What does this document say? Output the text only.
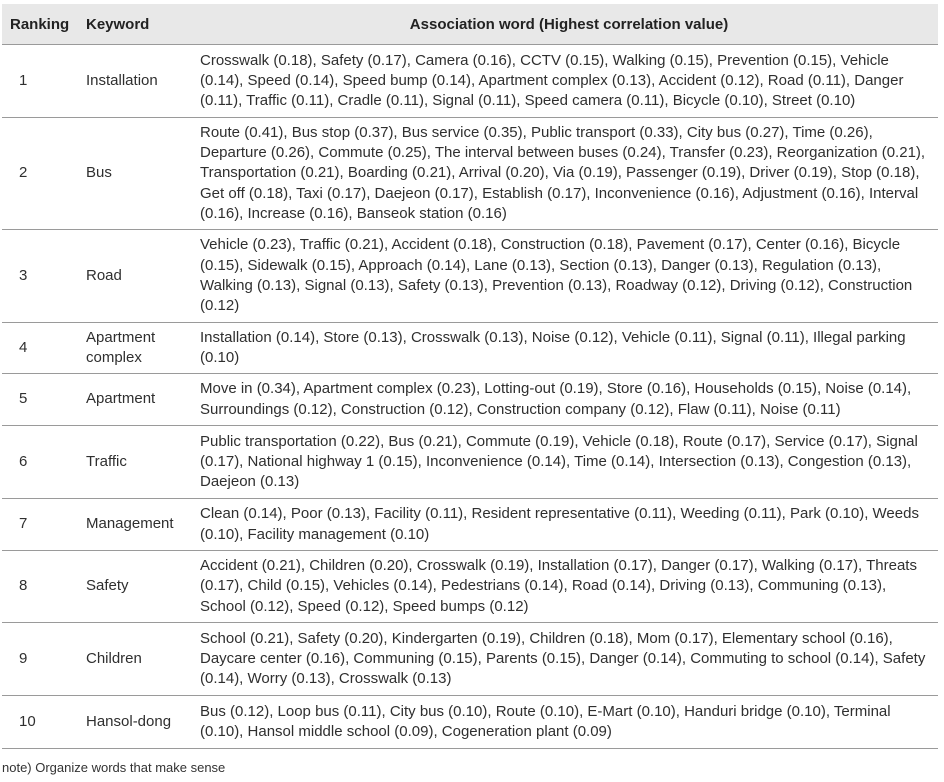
Ranking	Keyword	Association word (Highest correlation value)
1	Installation	Crosswalk (0.18), Safety (0.17), Camera (0.16), CCTV (0.15), Walking (0.15), Prevention (0.15), Vehicle (0.14), Speed (0.14), Speed bump (0.14), Apartment complex (0.13), Accident (0.12), Road (0.11), Danger (0.11), Traffic (0.11), Cradle (0.11), Signal (0.11), Speed camera (0.11), Bicycle (0.10), Street (0.10)
2	Bus	Route (0.41), Bus stop (0.37), Bus service (0.35), Public transport (0.33), City bus (0.27), Time (0.26), Departure (0.26), Commute (0.25), The interval between buses (0.24), Transfer (0.23), Reorganization (0.21), Transportation (0.21), Boarding (0.21), Arrival (0.20), Via (0.19), Passenger (0.19), Driver (0.19), Stop (0.18), Get off (0.18), Taxi (0.17), Daejeon (0.17), Establish (0.17), Inconvenience (0.16), Adjustment (0.16), Interval (0.16), Increase (0.16), Banseok station (0.16)
3	Road	Vehicle (0.23), Traffic (0.21), Accident (0.18), Construction (0.18), Pavement (0.17), Center (0.16), Bicycle (0.15), Sidewalk (0.15), Approach (0.14), Lane (0.13), Section (0.13), Danger (0.13), Regulation (0.13), Walking (0.13), Signal (0.13), Safety (0.13), Prevention (0.13), Roadway (0.12), Driving (0.12), Construction (0.12)
4	Apartment complex	Installation (0.14), Store (0.13), Crosswalk (0.13), Noise (0.12), Vehicle (0.11), Signal (0.11), Illegal parking (0.10)
5	Apartment	Move in (0.34), Apartment complex (0.23), Lotting-out (0.19), Store (0.16), Households (0.15), Noise (0.14), Surroundings (0.12), Construction (0.12), Construction company (0.12), Flaw (0.11), Noise (0.11)
6	Traffic	Public transportation (0.22), Bus (0.21), Commute (0.19), Vehicle (0.18), Route (0.17), Service (0.17), Signal (0.17), National highway 1 (0.15), Inconvenience (0.14), Time (0.14), Intersection (0.13), Congestion (0.13), Daejeon (0.13)
7	Management	Clean (0.14), Poor (0.13), Facility (0.11), Resident representative (0.11), Weeding (0.11), Park (0.10), Weeds (0.10), Facility management (0.10)
8	Safety	Accident (0.21), Children (0.20), Crosswalk (0.19), Installation (0.17), Danger (0.17), Walking (0.17), Threats (0.17), Child (0.15), Vehicles (0.14), Pedestrians (0.14), Road (0.14), Driving (0.13), Communing (0.13), School (0.12), Speed (0.12), Speed bumps (0.12)
9	Children	School (0.21), Safety (0.20), Kindergarten (0.19), Children (0.18), Mom (0.17), Elementary school (0.16), Daycare center (0.16), Communing (0.15), Parents (0.15), Danger (0.14), Commuting to school (0.14), Safety (0.14), Worry (0.13), Crosswalk (0.13)
10	Hansol-dong	Bus (0.12), Loop bus (0.11), City bus (0.10), Route (0.10), E-Mart (0.10), Handuri bridge (0.10), Terminal (0.10), Hansol middle school (0.09), Cogeneration plant (0.09)
note) Organize words that make sense
